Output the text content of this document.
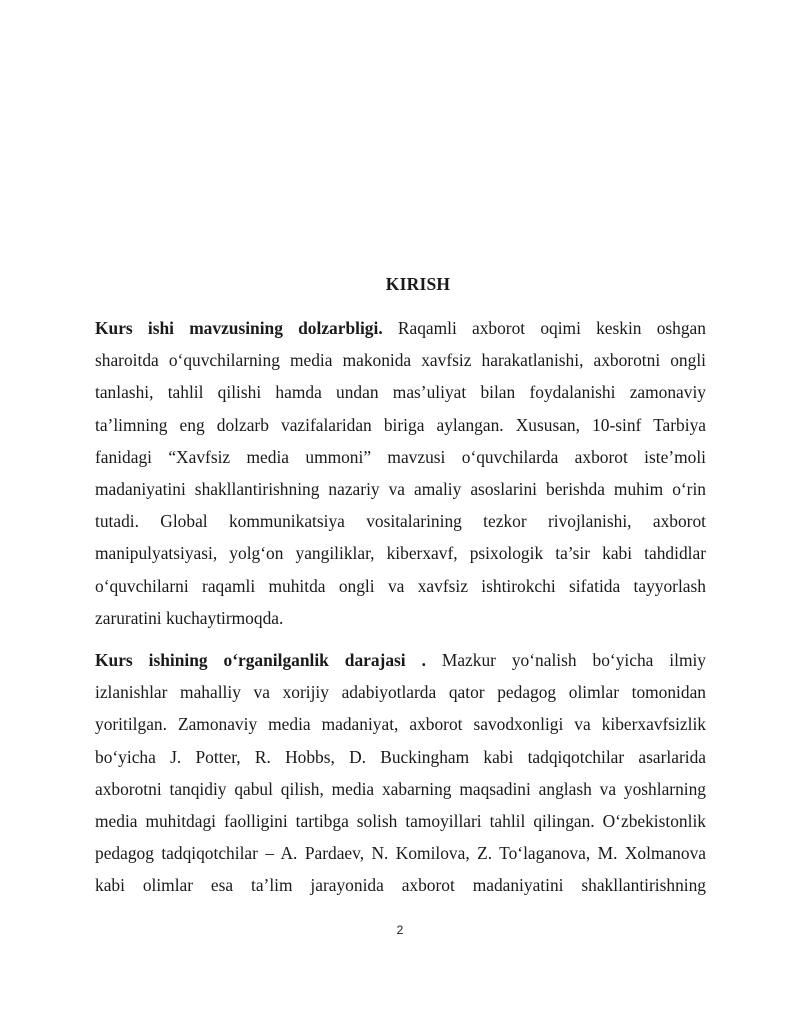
KIRISH
Kurs ishi mavzusining dolzarbligi. Raqamli axborot oqimi keskin oshgan
sharoitda o‘quvchilarning media makonida xavfsiz harakatlanishi, axborotni ongli
tanlashi, tahlil qilishi hamda undan mas’uliyat bilan foydalanishi zamonaviy
ta’limning eng dolzarb vazifalaridan biriga aylangan. Xususan, 10-sinf Tarbiya
fanidagi “Xavfsiz media ummoni” mavzusi o‘quvchilarda axborot iste’moli
madaniyatini shakllantirishning nazariy va amaliy asoslarini berishda muhim o‘rin
tutadi. Global kommunikatsiya vositalarining tezkor rivojlanishi, axborot
manipulyatsiyasi, yolg‘on yangiliklar, kiberxavf, psixologik ta’sir kabi tahdidlar
o‘quvchilarni raqamli muhitda ongli va xavfsiz ishtirokchi sifatida tayyorlash
zaruratini kuchaytirmoqda.
Kurs ishining o‘rganilganlik darajasi . Mazkur yo‘nalish bo‘yicha ilmiy
izlanishlar mahalliy va xorijiy adabiyotlarda qator pedagog olimlar tomonidan
yoritilgan. Zamonaviy media madaniyat, axborot savodxonligi va kiberxavfsizlik
bo‘yicha J. Potter, R. Hobbs, D. Buckingham kabi tadqiqotchilar asarlarida
axborotni tanqidiy qabul qilish, media xabarning maqsadini anglash va yoshlarning
media muhitdagi faolligini tartibga solish tamoyillari tahlil qilingan. O‘zbekistonlik
pedagog tadqiqotchilar – A. Pardaev, N. Komilova, Z. To‘laganova, M. Xolmanova
kabi olimlar esa ta’lim jarayonida axborot madaniyatini shakllantirishning
2
